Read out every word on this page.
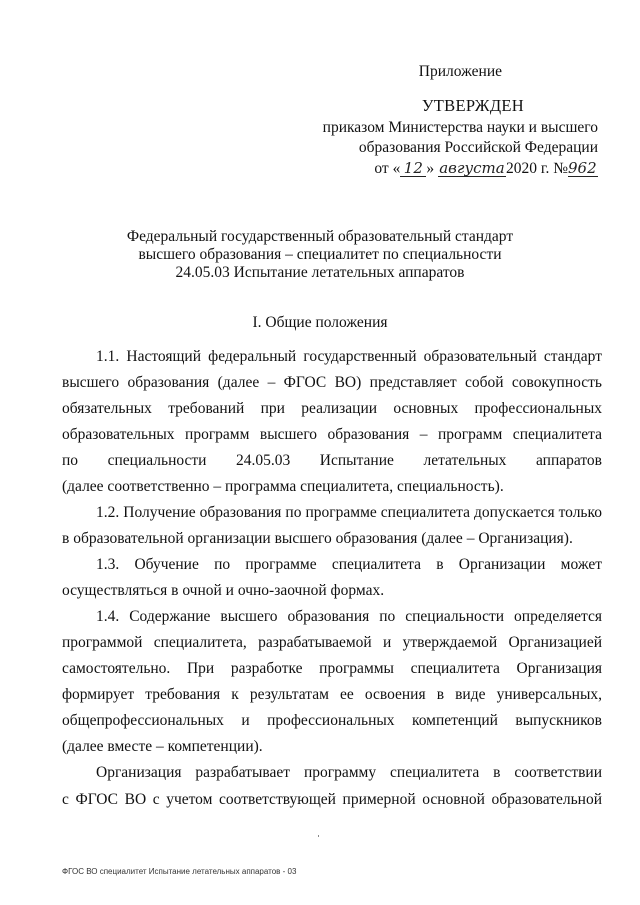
Приложение
УТВЕРЖДЕН
приказом Министерства науки и высшего
образования Российской Федерации
от « 12 » августа2020 г. №962
Федеральный государственный образовательный стандарт
высшего образования – специалитет по специальности
24.05.03 Испытание летательных аппаратов
I. Общие положения
1.1. Настоящий федеральный государственный образовательный стандарт
высшего образования (далее – ФГОС ВО) представляет собой совокупность
обязательных требований при реализации основных профессиональных
образовательных программ высшего образования – программ специалитета
по специальности 24.05.03 Испытание летательных аппаратов
(далее соответственно – программа специалитета, специальность).
1.2. Получение образования по программе специалитета допускается только
в образовательной организации высшего образования (далее – Организация).
1.3. Обучение по программе специалитета в Организации может
осуществляться в очной и очно-заочной формах.
1.4. Содержание высшего образования по специальности определяется
программой специалитета, разрабатываемой и утверждаемой Организацией
самостоятельно. При разработке программы специалитета Организация
формирует требования к результатам ее освоения в виде универсальных,
общепрофессиональных и профессиональных компетенций выпускников
(далее вместе – компетенции).
Организация разрабатывает программу специалитета в соответствии
с ФГОС ВО с учетом соответствующей примерной основной образовательной
ФГОС ВО специалитет Испытание летательных аппаратов - 03
